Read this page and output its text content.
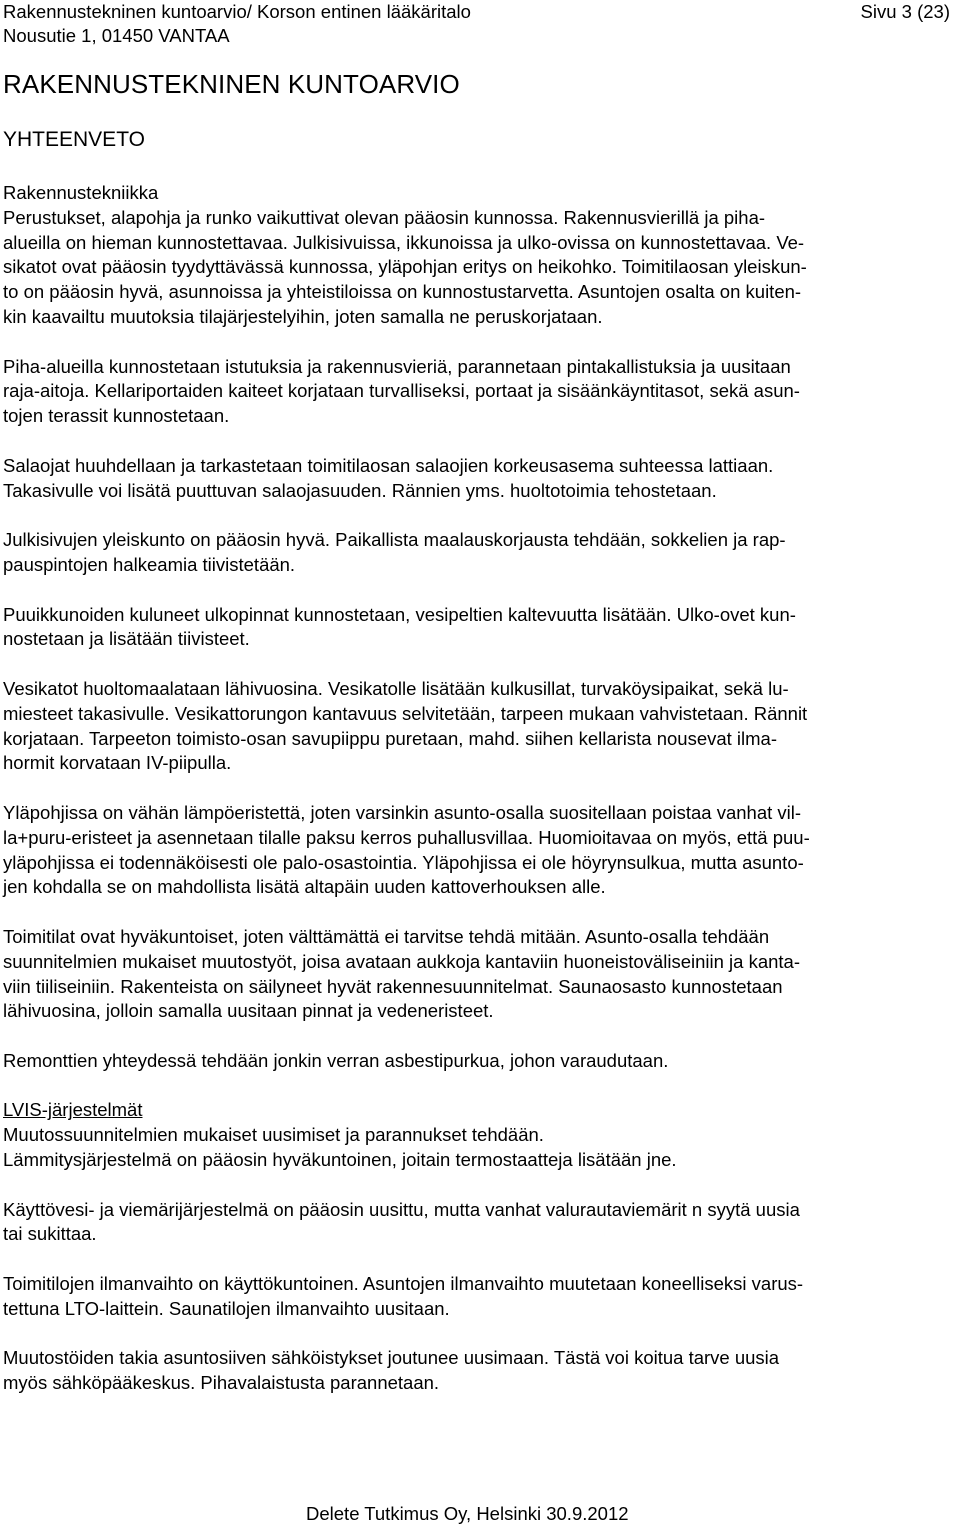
Rakennustekninen kuntoarvio/ Korson entinen lääkäritalo
Nousutie 1, 01450 VANTAA
Sivu 3 (23)
RAKENNUSTEKNINEN KUNTOARVIO
YHTEENVETO
Rakennustekniikka

Perustukset, alapohja ja runko vaikuttivat olevan pääosin kunnossa. Rakennusvierillä ja piha-
alueilla on hieman kunnostettavaa. Julkisivuissa, ikkunoissa ja ulko-ovissa on kunnostettavaa. Ve-
sikatot ovat pääosin tyydyttävässä kunnossa, yläpohjan eritys on heikohko. Toimitilaosan yleiskun-
to on pääosin hyvä, asunnoissa ja yhteistiloissa on kunnostustarvetta. Asuntojen osalta on kuiten-
kin kaavailtu muutoksia tilajärjestelyihin, joten samalla ne peruskorjataan.

Piha-alueilla kunnostetaan istutuksia ja rakennusvieriä, parannetaan pintakallistuksia ja uusitaan
raja-aitoja. Kellariportaiden kaiteet korjataan turvalliseksi, portaat ja sisäänkäyntitasot, sekä asun-
tojen terassit kunnostetaan.

Salaojat huuhdellaan ja tarkastetaan toimitilaosan salaojien korkeusasema suhteessa lattiaan.
Takasivulle voi lisätä puuttuvan salaojasuuden. Rännien yms. huoltotoimia tehostetaan.

Julkisivujen yleiskunto on pääosin hyvä. Paikallista maalauskorjausta tehdään, sokkelien ja rap-
pauspintojen halkeamia tiivistetään.

Puuikkunoiden kuluneet ulkopinnat kunnostetaan, vesipeltien kaltevuutta lisätään. Ulko-ovet kun-
nostetaan ja lisätään tiivisteet.

Vesikatot huoltomaalataan lähivuosina. Vesikatolle lisätään kulkusillat, turvaköysipaikat, sekä lu-
miesteet takasivulle. Vesikattorungon kantavuus selvitetään, tarpeen mukaan vahvistetaan. Rännit
korjataan. Tarpeeton toimisto-osan savupiippu puretaan, mahd. siihen kellarista nousevat ilma-
hormit korvataan IV-piipulla.

Yläpohjissa on vähän lämpöeristettä, joten varsinkin asunto-osalla suositellaan poistaa vanhat vil-
la+puru-eristeet ja asennetaan tilalle paksu kerros puhallusvillaa. Huomioitavaa on myös, että puu-
yläpohjissa ei todennäköisesti ole palo-osastointia. Yläpohjissa ei ole höyrynsulkua, mutta asunto-
jen kohdalla se on mahdollista lisätä altapäin uuden kattoverhouksen alle.

Toimitilat ovat hyväkuntoiset, joten välttämättä ei tarvitse tehdä mitään. Asunto-osalla tehdään
suunnitelmien mukaiset muutostyöt, joisa avataan aukkoja kantaviin huoneistoväliseiniin ja kanta-
viin tiiliseiniin. Rakenteista on säilyneet hyvät rakennesuunnitelmat. Saunaosasto kunnostetaan
lähivuosina, jolloin samalla uusitaan pinnat ja vedeneristeet.

Remonttien yhteydessä tehdään jonkin verran asbestipurkua, johon varaudutaan.

LVIS-järjestelmät

Muutossuunnitelmien mukaiset uusimiset ja parannukset tehdään.
Lämmitysjärjestelmä on pääosin hyväkuntoinen, joitain termostaatteja lisätään jne.

Käyttövesi- ja viemärijärjestelmä on pääosin uusittu, mutta vanhat valurautaviemärit n syytä uusia
tai sukittaa.

Toimitilojen ilmanvaihto on käyttökuntoinen. Asuntojen ilmanvaihto muutetaan koneelliseksi varus-
tettuna LTO-laittein. Saunatilojen ilmanvaihto uusitaan.

Muutostöiden takia asuntosiiven sähköistykset joutunee uusimaan. Tästä voi koitua tarve uusia
myös sähköpääkeskus. Pihavalaistusta parannetaan.

Delete Tutkimus Oy, Helsinki 30.9.2012
